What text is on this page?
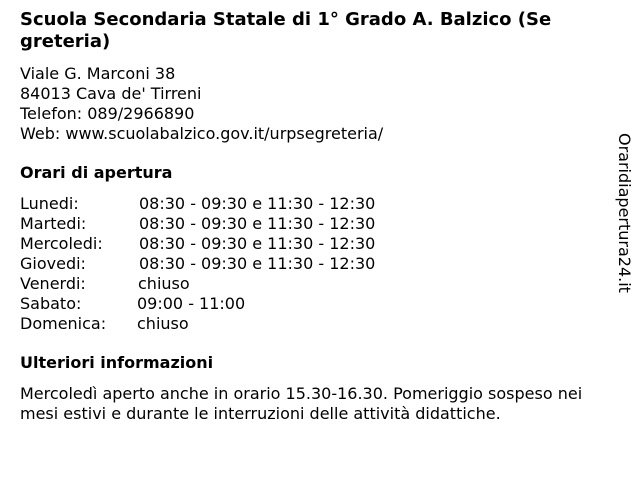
Scuola Secondaria Statale di 1° Grado A. Balzico (Se
greteria)
Viale G. Marconi 38
84013 Cava de' Tirreni
Telefon: 089/2966890
Web: www.scuolabalzico.gov.it/urpsegreteria/
Orari di apertura
Lunedi:	08:30 - 09:30 e 11:30 - 12:30
Martedi:	08:30 - 09:30 e 11:30 - 12:30
Mercoledi: 08:30 - 09:30 e 11:30 - 12:30
Giovedi:	08:30 - 09:30 e 11:30 - 12:30
Venerdi:	chiuso
Sabato:	09:00 - 11:00
Domenica: chiuso
Ulteriori informazioni
Mercoledì aperto anche in orario 15.30-16.30. Pomeriggio sospeso nei
mesi estivi e durante le interruzioni delle attività didattiche.
Oraridiapertura24.it
